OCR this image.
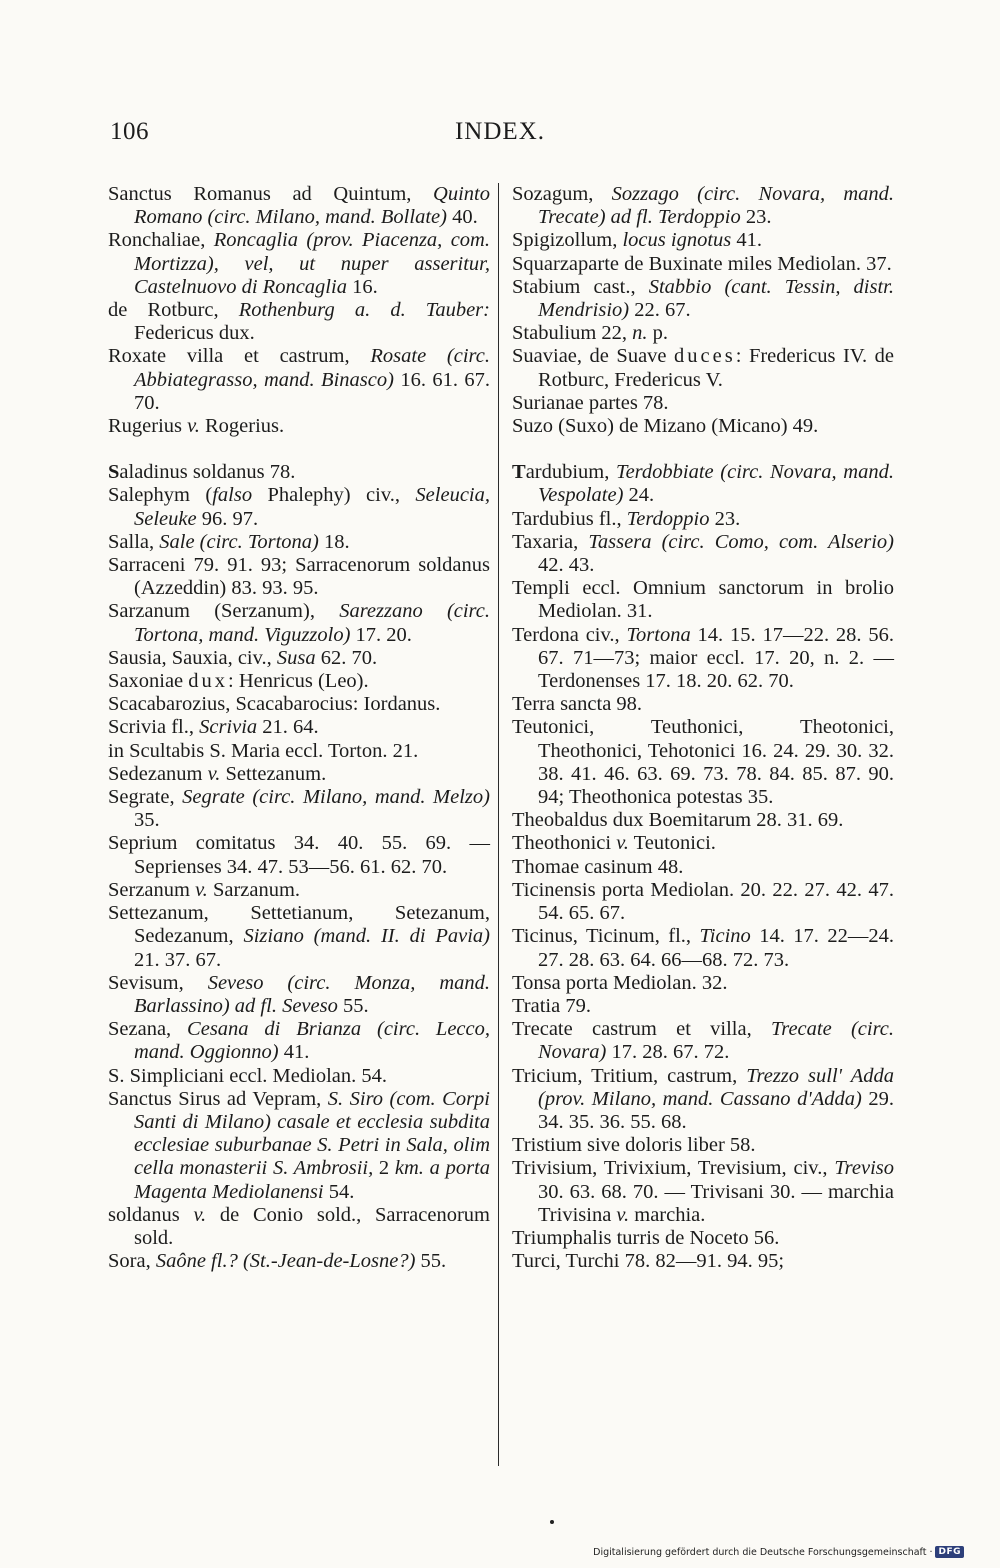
106	INDEX.

Sanctus Romanus ad Quintum, Quinto Romano (circ. Milano, mand. Bollate) 40.

Ronchaliae, Roncaglia (prov. Piacenza, com. Mortizza), vel, ut nuper asseritur, Castelnuovo di Roncaglia 16.

de Rotburc, Rothenburg a. d. Tauber: Federicus dux.

Roxate villa et castrum, Rosate (circ. Abbiategrasso, mand. Binasco) 16. 61. 67. 70.

Rugerius v. Rogerius.

Saladinus soldanus 78.

Salephym (falso Phalephy) civ., Seleucia, Seleuke 96. 97.

Salla, Sale (circ. Tortona) 18.

Sarraceni 79. 91. 93; Sarracenorum soldanus (Azzeddin) 83. 93. 95.

Sarzanum (Serzanum), Sarezzano (circ. Tortona, mand. Viguzzolo) 17. 20.

Sausia, Sauxia, civ., Susa 62. 70.

Saxoniae dux: Henricus (Leo).

Scacabarozius, Scacabarocius: Iordanus.

Scrivia fl., Scrivia 21. 64.

in Scultabis S. Maria eccl. Torton. 21.

Sedezanum v. Settezanum.

Segrate, Segrate (circ. Milano, mand. Melzo) 35.

Seprium comitatus 34. 40. 55. 69. — Seprienses 34. 47. 53—56. 61. 62. 70.

Serzanum v. Sarzanum.

Settezanum, Settetianum, Setezanum, Sedezanum, Siziano (mand. II. di Pavia) 21. 37. 67.

Sevisum, Seveso (circ. Monza, mand. Barlassino) ad fl. Seveso 55.

Sezana, Cesana di Brianza (circ. Lecco, mand. Oggionno) 41.

S. Simpliciani eccl. Mediolan. 54.

Sanctus Sirus ad Vepram, S. Siro (com. Corpi Santi di Milano) casale et ecclesia subdita ecclesiae suburbanae S. Petri in Sala, olim cella monasterii S. Ambrosii, 2 km. a porta Magenta Mediolanensi 54.

soldanus v. de Conio sold., Sarracenorum sold.

Sora, Saône fl.? (St.-Jean-de-Losne?) 55.

Sozagum, Sozzago (circ. Novara, mand. Trecate) ad fl. Terdoppio 23.

Spigizollum, locus ignotus 41.

Squarzaparte de Buxinate miles Mediolan. 37.

Stabium cast., Stabbio (cant. Tessin, distr. Mendrisio) 22. 67.

Stabulium 22, n. p.

Suaviae, de Suave duces: Fredericus IV. de Rotburc, Fredericus V.

Surianae partes 78.

Suzo (Suxo) de Mizano (Micano) 49.

Tardubium, Terdobbiate (circ. Novara, mand. Vespolate) 24.

Tardubius fl., Terdoppio 23.

Taxaria, Tassera (circ. Como, com. Alserio) 42. 43.

Templi eccl. Omnium sanctorum in brolio Mediolan. 31.

Terdona civ., Tortona 14. 15. 17—22. 28. 56. 67. 71—73; maior eccl. 17. 20, n. 2. — Terdonenses 17. 18. 20. 62. 70.

Terra sancta 98.

Teutonici, Teuthonici, Theotonici, Theothonici, Tehotonici 16. 24. 29. 30. 32. 38. 41. 46. 63. 69. 73. 78. 84. 85. 87. 90. 94; Theothonica potestas 35.

Theobaldus dux Boemitarum 28. 31. 69.

Theothonici v. Teutonici.

Thomae casinum 48.

Ticinensis porta Mediolan. 20. 22. 27. 42. 47. 54. 65. 67.

Ticinus, Ticinum, fl., Ticino 14. 17. 22—24. 27. 28. 63. 64. 66—68. 72. 73.

Tonsa porta Mediolan. 32.

Tratia 79.

Trecate castrum et villa, Trecate (circ. Novara) 17. 28. 67. 72.

Tricium, Tritium, castrum, Trezzo sull' Adda (prov. Milano, mand. Cassano d'Adda) 29. 34. 35. 36. 55. 68.

Tristium sive doloris liber 58.

Trivisium, Trivixium, Trevisium, civ., Treviso 30. 63. 68. 70. — Trivisani 30. — marchia Trivisina v. marchia.

Triumphalis turris de Noceto 56.

Turci, Turchi 78. 82—91. 94. 95;

Digitalisierung gefördert durch die Deutsche Forschungsgemeinschaft · DFG
